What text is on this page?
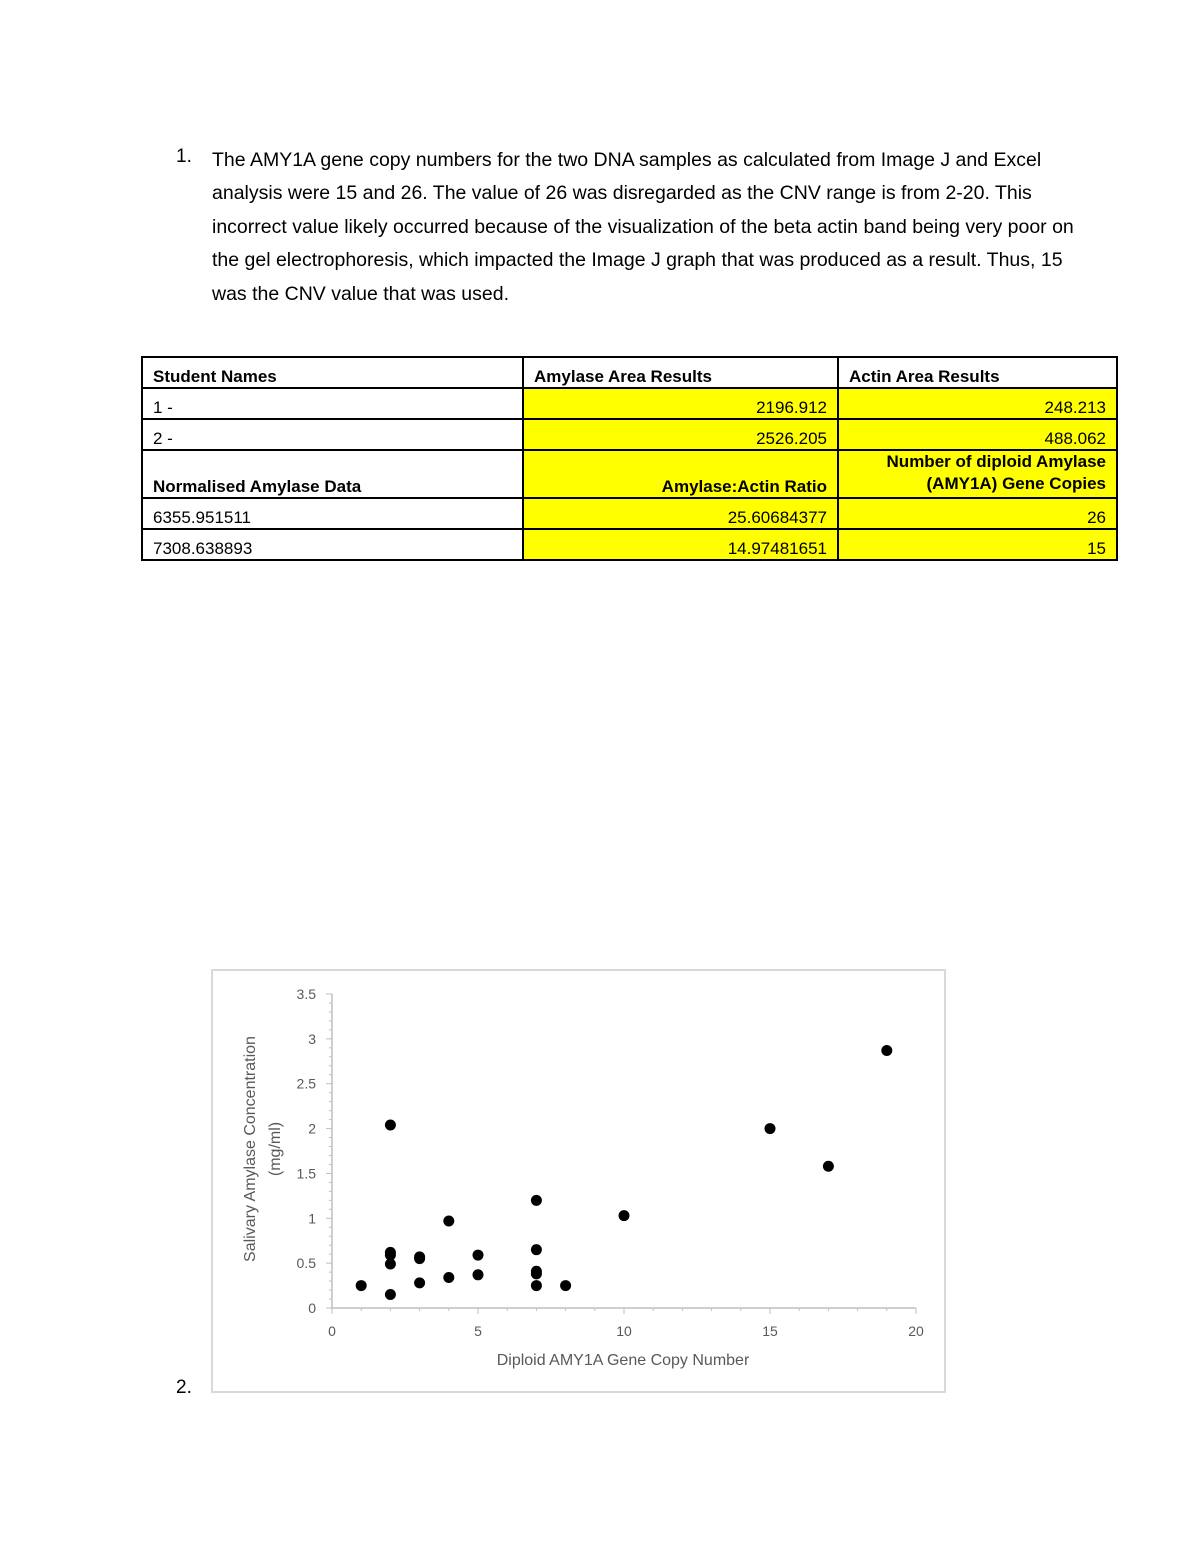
1. The AMY1A gene copy numbers for the two DNA samples as calculated from Image J and Excel analysis were 15 and 26. The value of 26 was disregarded as the CNV range is from 2-20. This incorrect value likely occurred because of the visualization of the beta actin band being very poor on the gel electrophoresis, which impacted the Image J graph that was produced as a result. Thus, 15 was the CNV value that was used.

Student Names	Amylase Area Results	Actin Area Results
1 -	2196.912	248.213
2 -	2526.205	488.062
Normalised Amylase Data	Amylase:Actin Ratio	Number of diploid Amylase (AMY1A) Gene Copies
6355.951511	25.60684377	26
7308.638893	14.97481651	15
2.
0
0.5
1
1.5
2
2.5
3
3.5
0	5	10	15	20
Salivary Amylase Concentration (mg/ml)
Diploid AMY1A Gene Copy Number
